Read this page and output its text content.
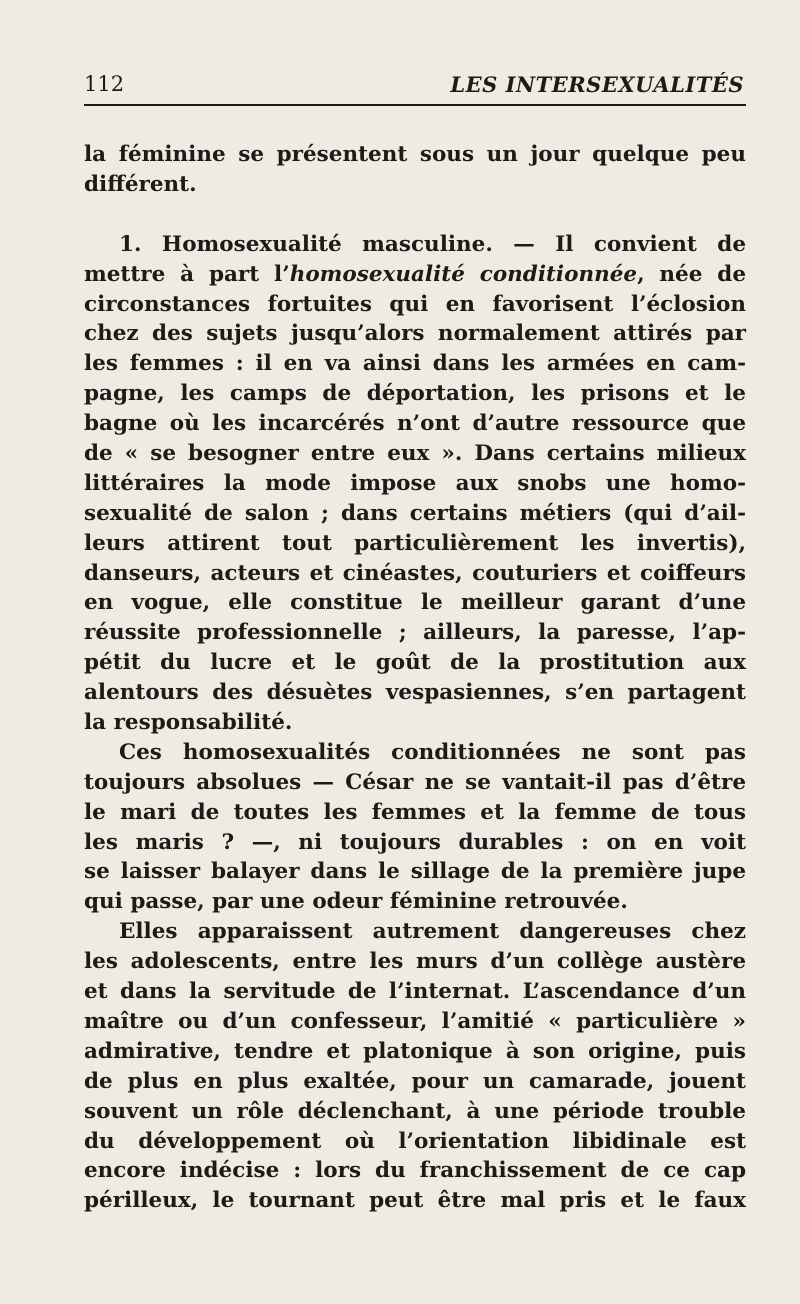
112	LES INTERSEXUALITÉS
la féminine se présentent sous un jour quelque peu
différent.
1. Homosexualité masculine. — Il convient de
mettre à part l’homosexualité conditionnée, née de
circonstances fortuites qui en favorisent l’éclosion
chez des sujets jusqu’alors normalement attirés par
les femmes : il en va ainsi dans les armées en cam-
pagne, les camps de déportation, les prisons et le
bagne où les incarcérés n’ont d’autre ressource que
de « se besogner entre eux ». Dans certains milieux
littéraires la mode impose aux snobs une homo-
sexualité de salon ; dans certains métiers (qui d’ail-
leurs attirent tout particulièrement les invertis),
danseurs, acteurs et cinéastes, couturiers et coiffeurs
en vogue, elle constitue le meilleur garant d’une
réussite professionnelle ; ailleurs, la paresse, l’ap-
pétit du lucre et le goût de la prostitution aux
alentours des désuètes vespasiennes, s’en partagent
la responsabilité.
Ces homosexualités conditionnées ne sont pas
toujours absolues — César ne se vantait-il pas d’être
le mari de toutes les femmes et la femme de tous
les maris ? —, ni toujours durables : on en voit
se laisser balayer dans le sillage de la première jupe
qui passe, par une odeur féminine retrouvée.
Elles apparaissent autrement dangereuses chez
les adolescents, entre les murs d’un collège austère
et dans la servitude de l’internat. L’ascendance d’un
maître ou d’un confesseur, l’amitié « particulière »
admirative, tendre et platonique à son origine, puis
de plus en plus exaltée, pour un camarade, jouent
souvent un rôle déclenchant, à une période trouble
du développement où l’orientation libidinale est
encore indécise : lors du franchissement de ce cap
périlleux, le tournant peut être mal pris et le faux
